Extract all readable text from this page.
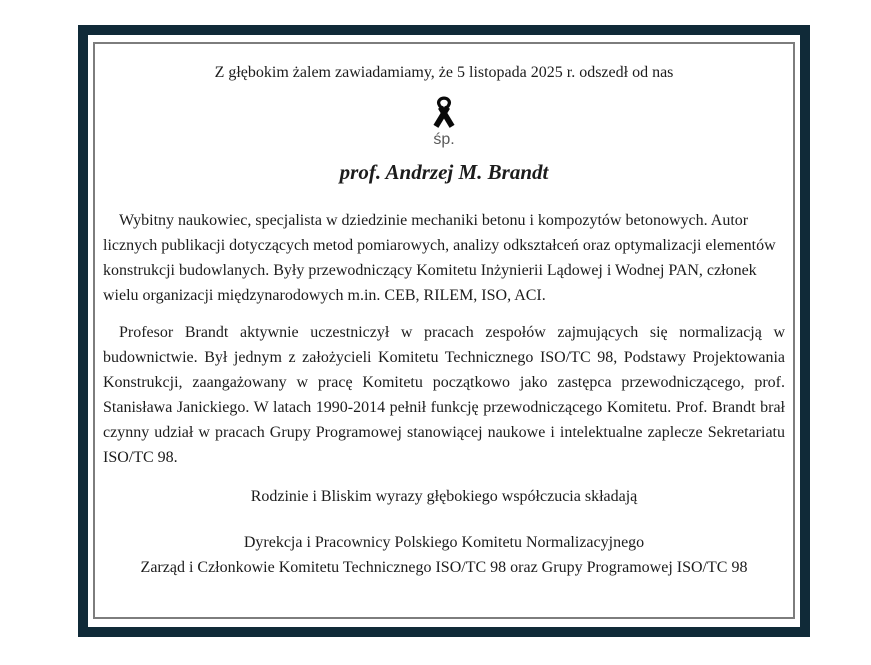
Z głębokim żalem zawiadamiamy, że 5 listopada 2025 r. odszedł od nas

śp.
prof. Andrzej M. Brandt

Wybitny naukowiec, specjalista w dziedzinie mechaniki betonu i kompozytów betonowych. Autor licznych publikacji dotyczących metod pomiarowych, analizy odkształceń oraz optymalizacji elementów konstrukcji budowlanych. Były przewodniczący Komitetu Inżynierii Lądowej i Wodnej PAN, członek wielu organizacji międzynarodowych m.in. CEB, RILEM, ISO, ACI.

Profesor Brandt aktywnie uczestniczył w pracach zespołów zajmujących się normalizacją w budownictwie. Był jednym z założycieli Komitetu Technicznego ISO/TC 98, Podstawy Projektowania Konstrukcji, zaangażowany w pracę Komitetu początkowo jako zastępca przewodniczącego, prof. Stanisława Janickiego. W latach 1990-2014 pełnił funkcję przewodniczącego Komitetu. Prof. Brandt brał czynny udział w pracach Grupy Programowej stanowiącej naukowe i intelektualne zaplecze Sekretariatu ISO/TC 98.

Rodzinie i Bliskim wyrazy głębokiego współczucia składają

Dyrekcja i Pracownicy Polskiego Komitetu Normalizacyjnego
Zarząd i Członkowie Komitetu Technicznego ISO/TC 98 oraz Grupy Programowej ISO/TC 98
